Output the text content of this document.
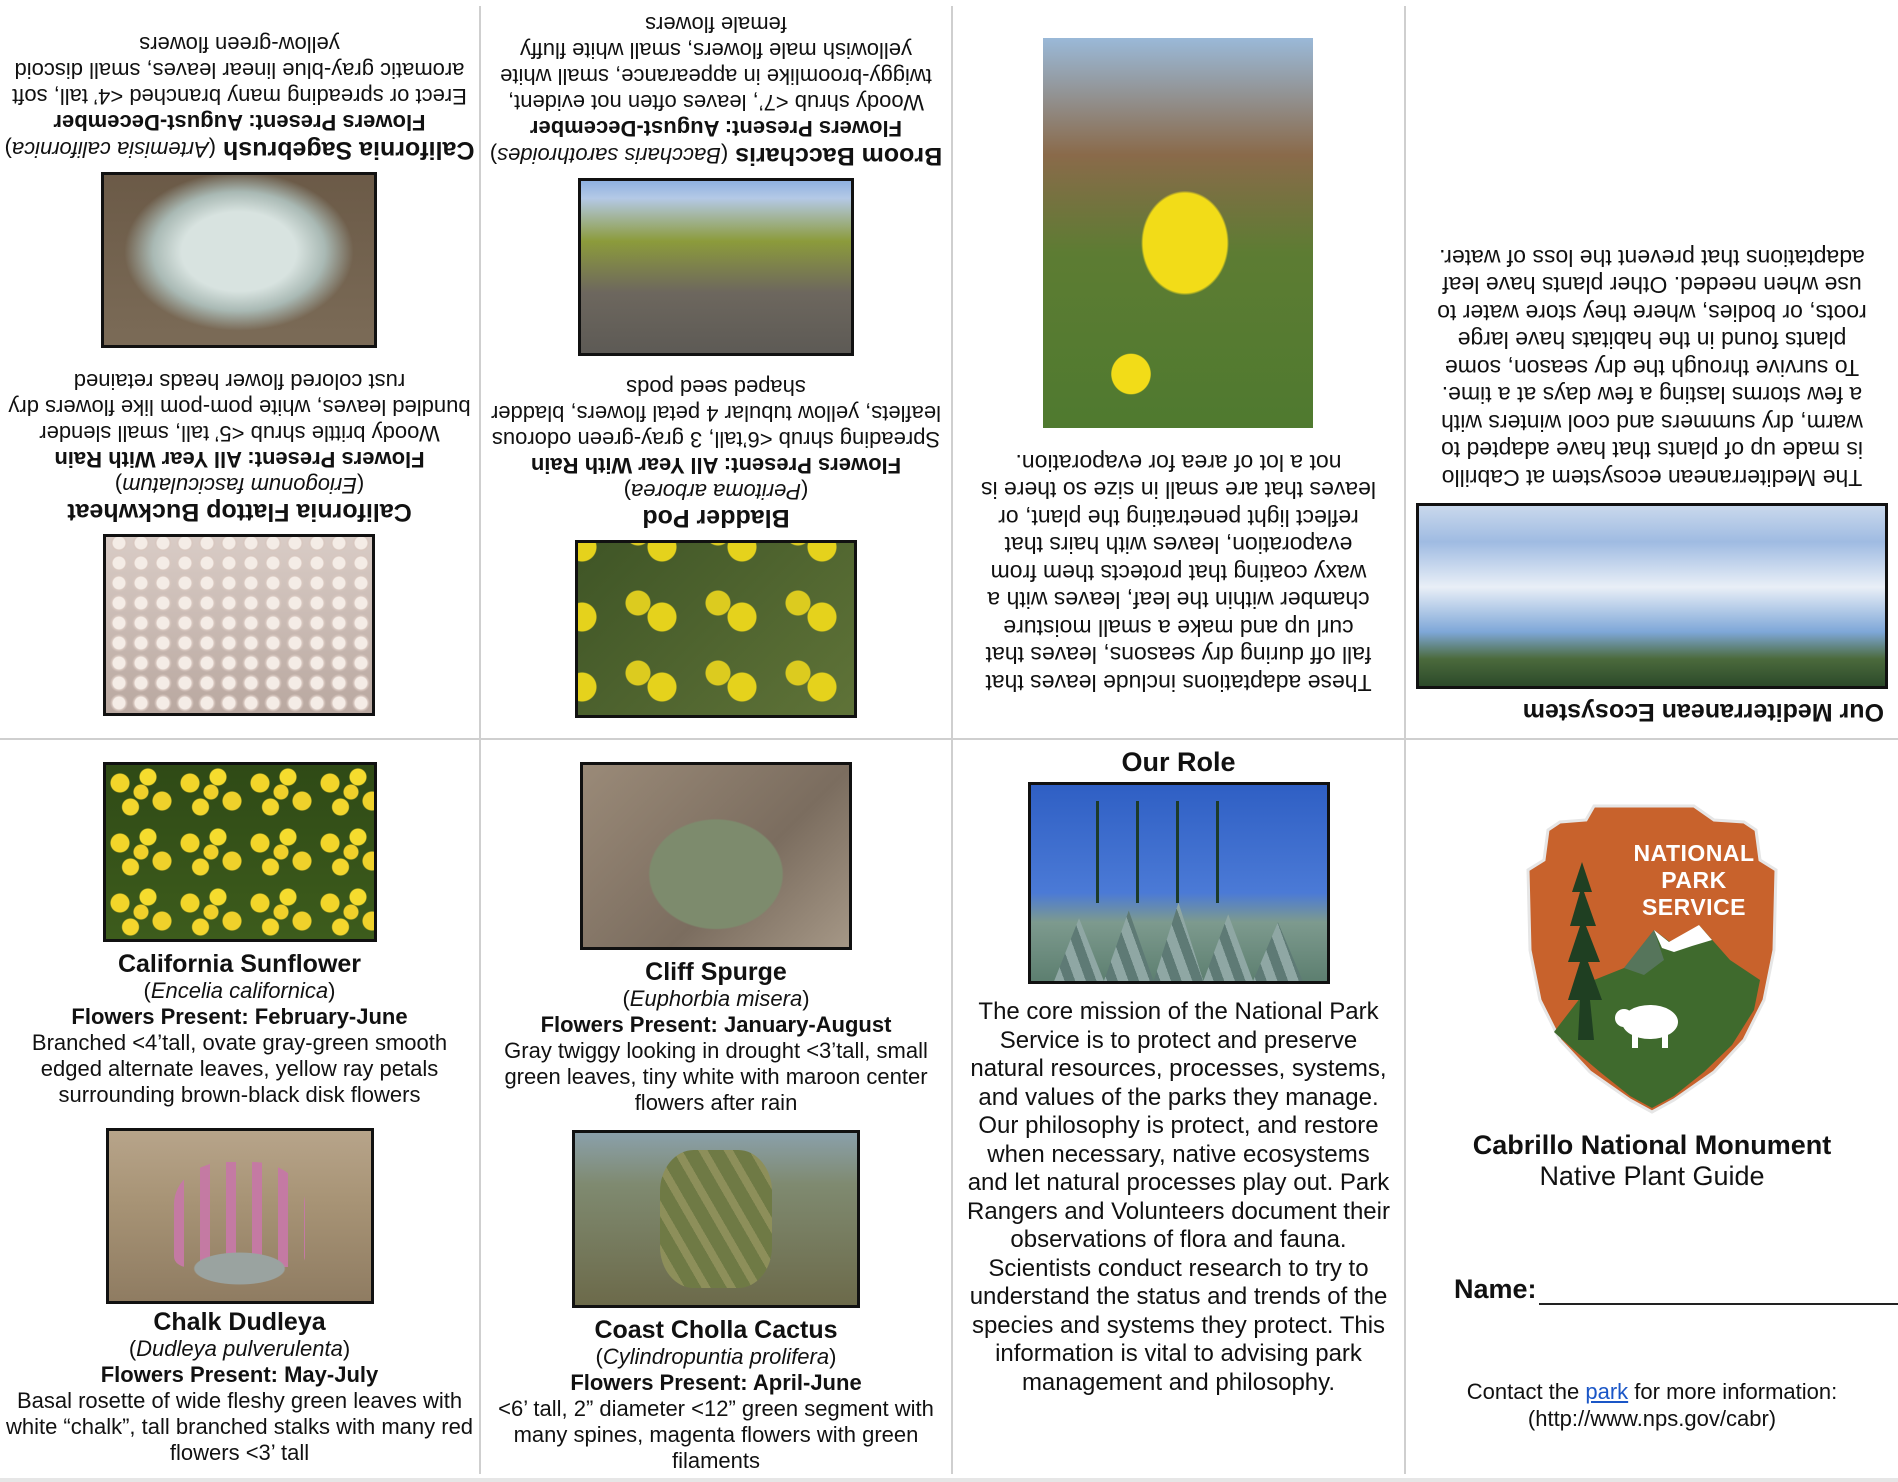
California Sunflower
(Encelia californica)
Flowers Present: February-June
Branched <4’tall, ovate gray-green smooth edged alternate leaves, yellow ray petals surrounding brown-black disk flowers
Chalk Dudleya
(Dudleya pulverulenta)
Flowers Present: May-July
Basal rosette of wide fleshy green leaves with white “chalk”, tall branched stalks with many red flowers <3’ tall
Cliff Spurge
(Euphorbia misera)
Flowers Present: January-August
Gray twiggy looking in drought <3’tall, small green leaves, tiny white with maroon center flowers after rain
Coast Cholla Cactus
(Cylindropuntia prolifera)
Flowers Present: April-June
<6’ tall, 2” diameter <12” green segment with many spines, magenta flowers with green filaments
Our Role
The core mission of the National Park Service is to protect and preserve natural resources, processes, systems, and values of the parks they manage. Our philosophy is protect, and restore when necessary, native ecosystems and let natural processes play out. Park Rangers and Volunteers document their observations of flora and fauna. Scientists conduct research to try to understand the status and trends of the species and systems they protect. This information is vital to advising park management and philosophy.
NATIONAL
PARK
SERVICE
Cabrillo National Monument
Native Plant Guide
Name:
Contact the park for more information:
(http://www.nps.gov/cabr)
California Flattop Buckwheat
(Eriogonum fasciculatum)
Flowers Present: All Year With Rain
Woody brittle shrub <5’ tall, small slender bundled leaves, white pom-pom like flowers dry rust colored flower heads retained
California Sagebrush (Artemisia californica)
Flowers Present: August-December
Erect or spreading many branched <4’ tall, soft aromatic gray-blue linear leaves, small discoid yellow-green flowers
Bladder Pod
(Peritoma arborea)
Flowers Present: All Year With Rain
Spreading shrub <6’tall, 3 gray-green odorous leaflets, yellow tubular 4 petal flowers, bladder shaped seed pods
Broom Baccharis (Baccharis sarothroides)
Flowers Present: August-December
Woody shrub <7’, leaves often not evident, twiggy-broomlike in appearance, small white yellowish male flowers, small white fluffy female flowers
These adaptations include leaves that fall off during dry seasons, leaves that curl up and make a small moisture chamber within the leaf, leaves with a waxy coating that protects them from evaporation, leaves with hairs that reflect light penetrating the plant, or leaves that are small in size so there is not a lot of area for evaporation.
Our Mediterranean Ecosystem
The Mediterranean ecosystem at Cabrillo is made up of plants that have adapted to warm, dry summers and cool winters with a few storms lasting a few days at a time. To survive through the dry season, some plants found in the habitats have large roots, or bodies, where they store water to use when needed. Other plants have leaf adaptations that prevent the loss of water.
